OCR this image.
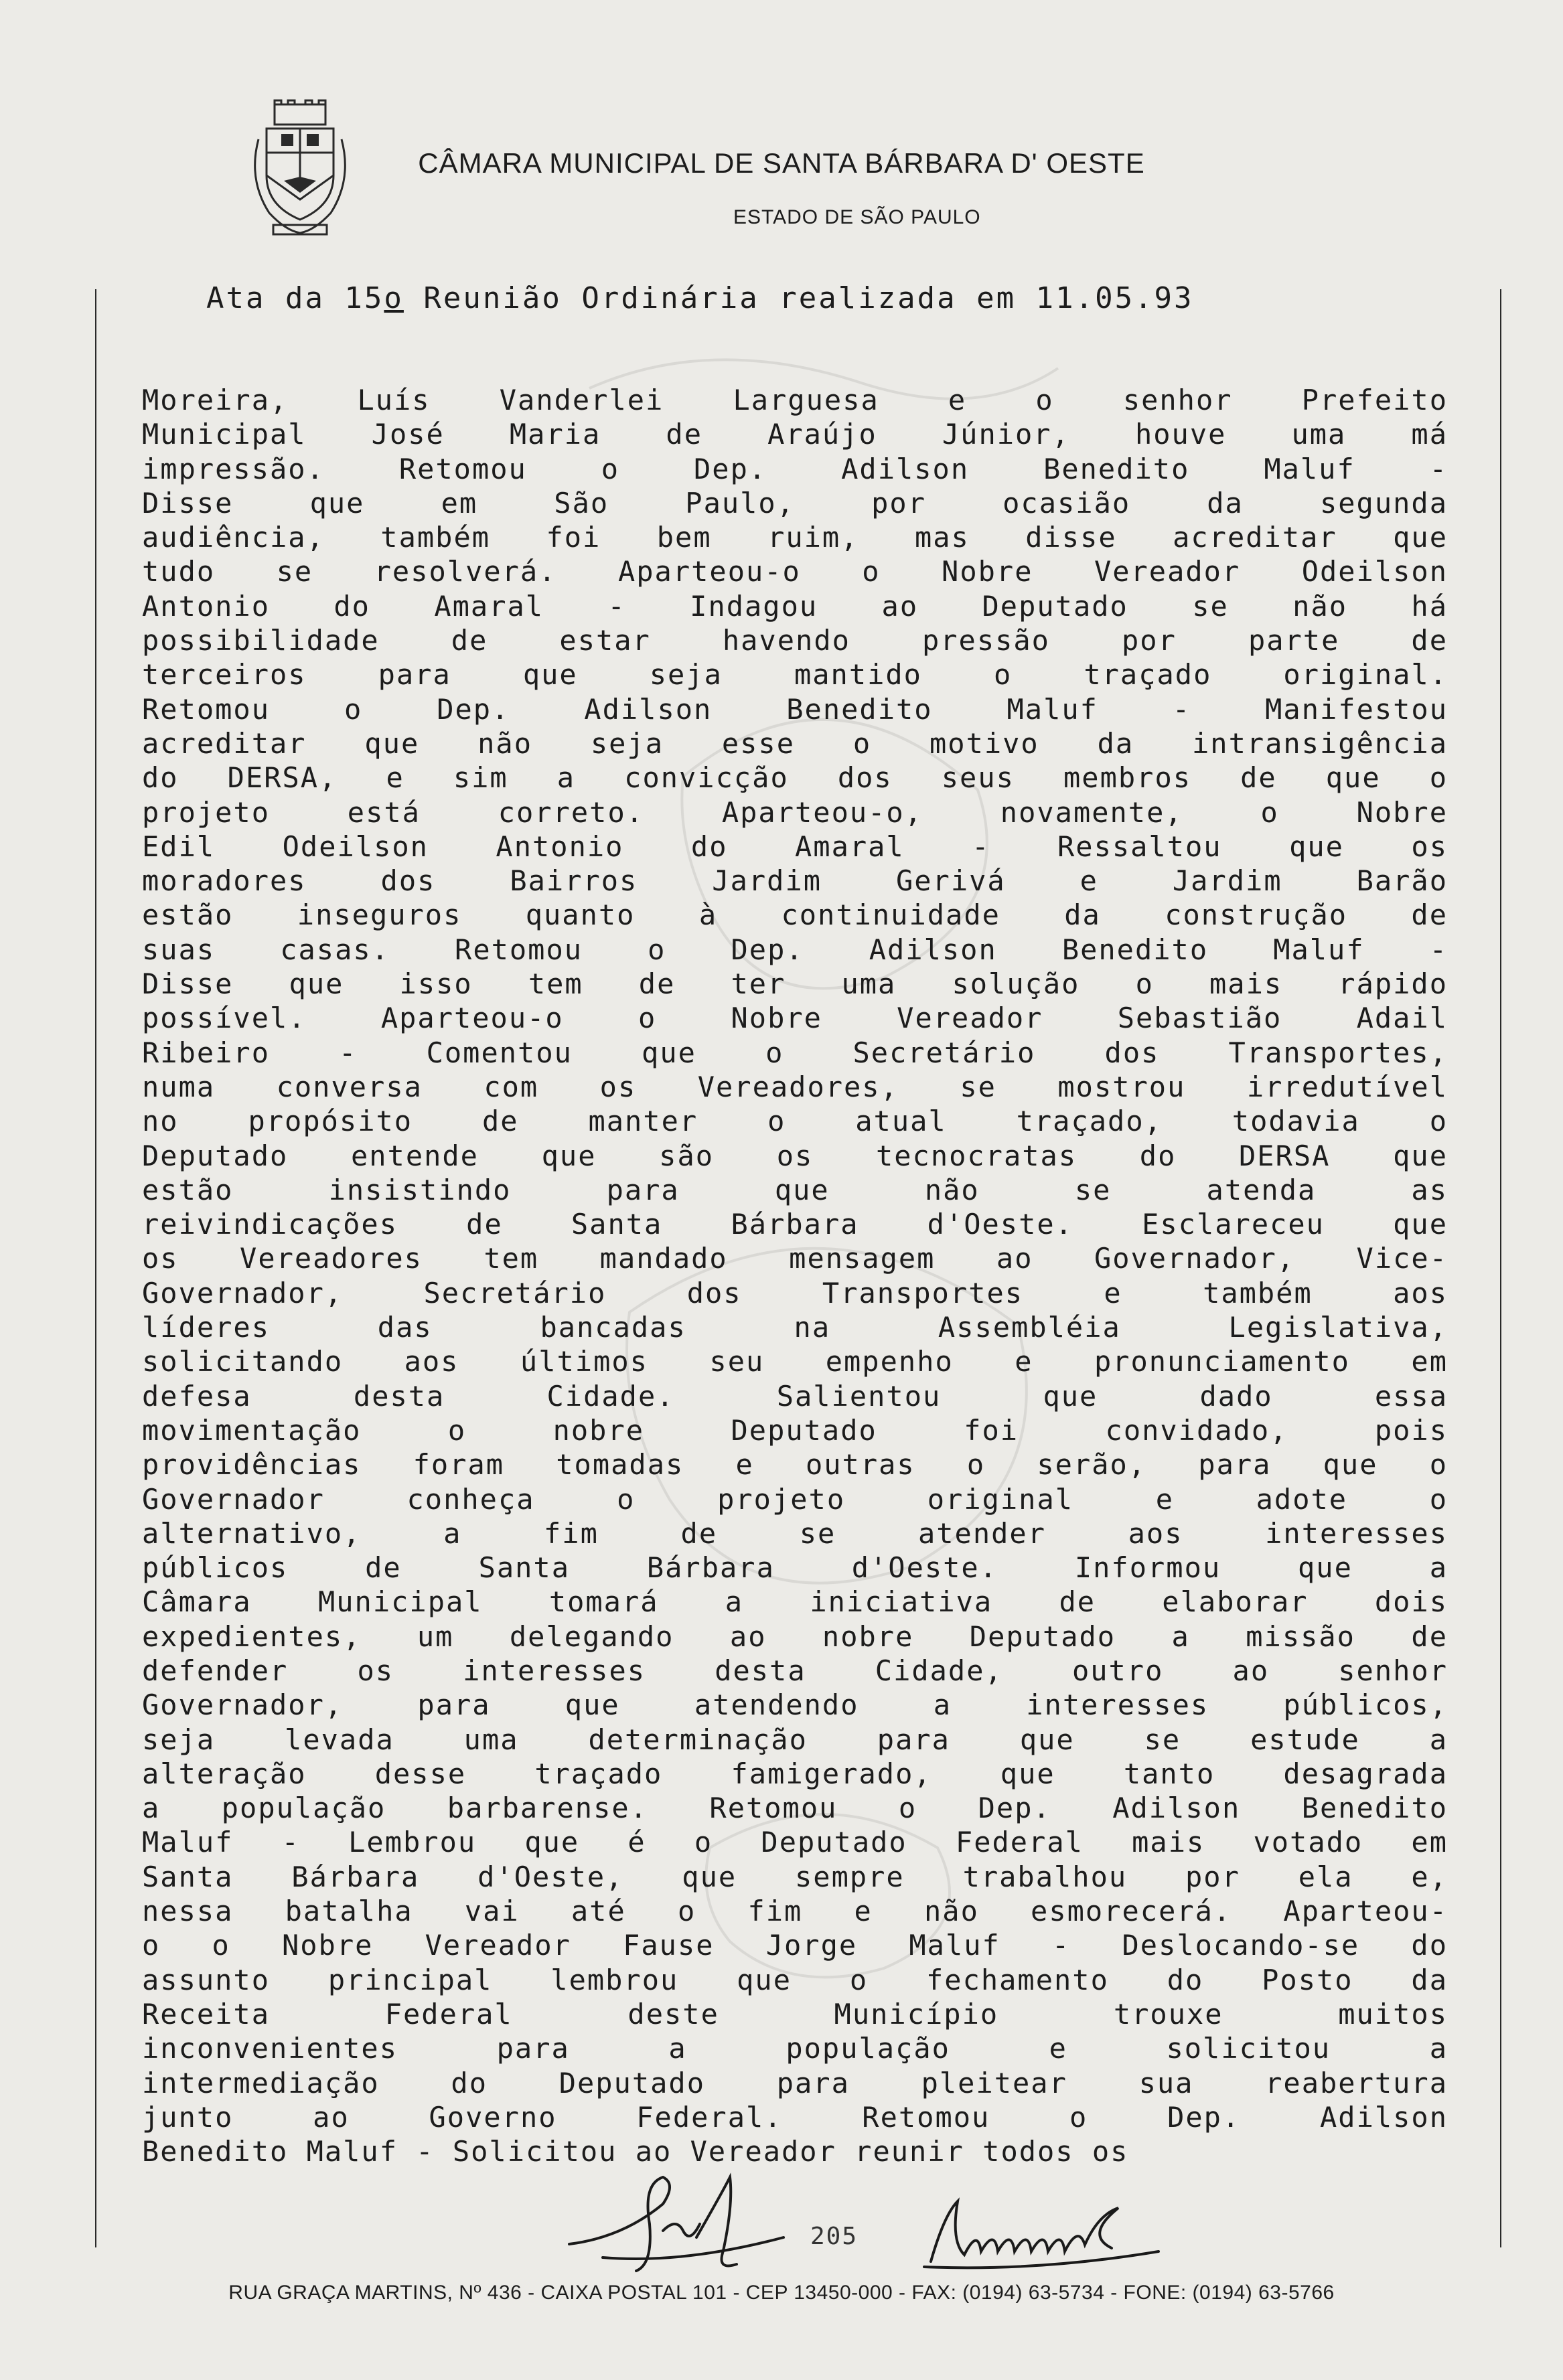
CÂMARA MUNICIPAL DE SANTA BÁRBARA D' OESTE
ESTADO DE SÃO PAULO
Ata da 15o Reunião Ordinária realizada em 11.05.93
Moreira, Luís Vanderlei Larguesa e o senhor Prefeito
Municipal José Maria de Araújo Júnior, houve uma má
impressão. Retomou o Dep. Adilson Benedito Maluf -
Disse que em São Paulo, por ocasião da segunda
audiência, também foi bem ruim, mas disse acreditar que
tudo se resolverá. Aparteou-o o Nobre Vereador Odeilson
Antonio do Amaral - Indagou ao Deputado se não há
possibilidade de estar havendo pressão por parte de
terceiros para que seja mantido o traçado original.
Retomou o Dep. Adilson Benedito Maluf - Manifestou
acreditar que não seja esse o motivo da intransigência
do DERSA, e sim a convicção dos seus membros de que o
projeto está correto. Aparteou-o, novamente, o Nobre
Edil Odeilson Antonio do Amaral - Ressaltou que os
moradores dos Bairros Jardim Gerivá e Jardim Barão
estão inseguros quanto à continuidade da construção de
suas casas. Retomou o Dep. Adilson Benedito Maluf -
Disse que isso tem de ter uma solução o mais rápido
possível. Aparteou-o o Nobre Vereador Sebastião Adail
Ribeiro - Comentou que o Secretário dos Transportes,
numa conversa com os Vereadores, se mostrou irredutível
no propósito de manter o atual traçado, todavia o
Deputado entende que são os tecnocratas do DERSA que
estão insistindo para que não se atenda as
reivindicações de Santa Bárbara d'Oeste. Esclareceu que
os Vereadores tem mandado mensagem ao Governador, Vice-
Governador, Secretário dos Transportes e também aos
líderes das bancadas na Assembléia Legislativa,
solicitando aos últimos seu empenho e pronunciamento em
defesa desta Cidade. Salientou que dado essa
movimentação o nobre Deputado foi convidado, pois
providências foram tomadas e outras o serão, para que o
Governador conheça o projeto original e adote o
alternativo, a fim de se atender aos interesses
públicos de Santa Bárbara d'Oeste. Informou que a
Câmara Municipal tomará a iniciativa de elaborar dois
expedientes, um delegando ao nobre Deputado a missão de
defender os interesses desta Cidade, outro ao senhor
Governador, para que atendendo a interesses públicos,
seja levada uma determinação para que se estude a
alteração desse traçado famigerado, que tanto desagrada
a população barbarense. Retomou o Dep. Adilson Benedito
Maluf - Lembrou que é o Deputado Federal mais votado em
Santa Bárbara d'Oeste, que sempre trabalhou por ela e,
nessa batalha vai até o fim e não esmorecerá. Aparteou-
o o Nobre Vereador Fause Jorge Maluf - Deslocando-se do
assunto principal lembrou que o fechamento do Posto da
Receita Federal deste Município trouxe muitos
inconvenientes para a população e solicitou a
intermediação do Deputado para pleitear sua reabertura
junto ao Governo Federal. Retomou o Dep. Adilson
Benedito Maluf - Solicitou ao Vereador reunir todos os
205
RUA GRAÇA MARTINS, Nº 436 - CAIXA POSTAL 101 - CEP 13450-000 - FAX: (0194) 63-5734 - FONE: (0194) 63-5766
